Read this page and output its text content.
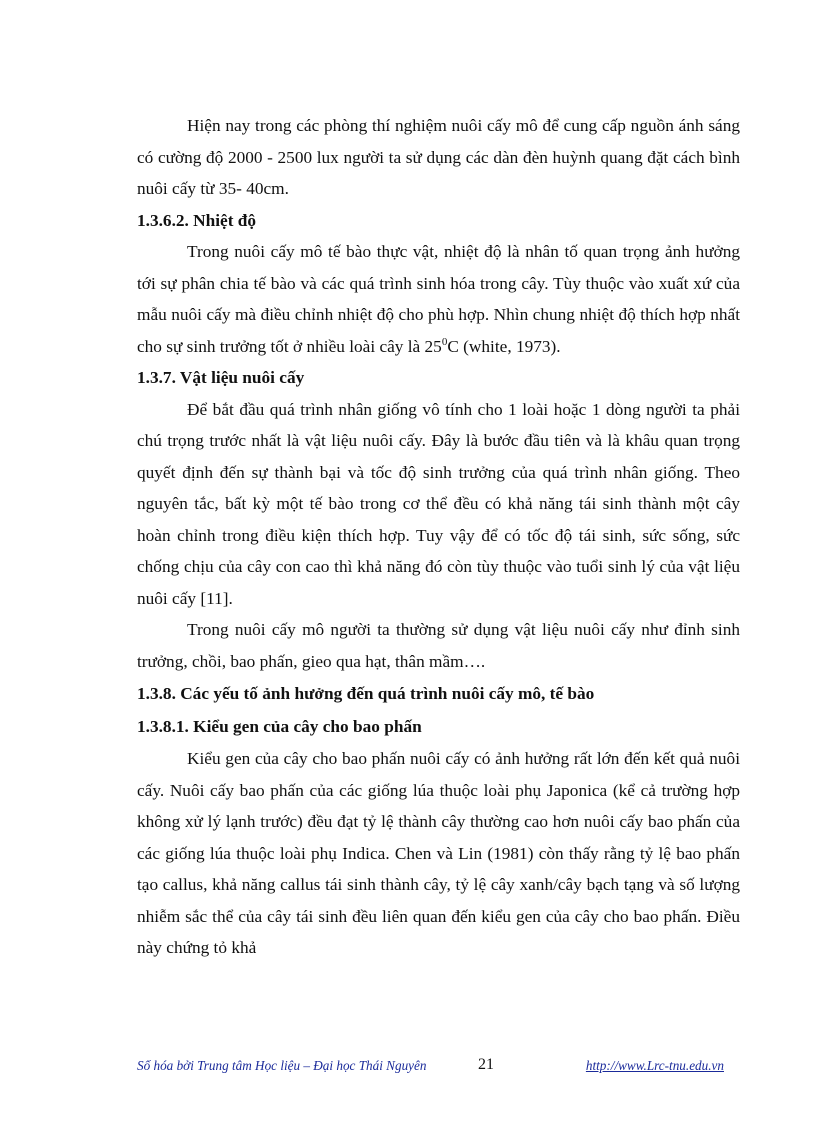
Hiện nay trong các phòng thí nghiệm nuôi cấy mô để cung cấp nguồn ánh sáng có cường độ 2000 - 2500 lux người ta sử dụng các dàn đèn huỳnh quang đặt cách bình nuôi cấy từ 35- 40cm.

1.3.6.2. Nhiệt độ

Trong nuôi cấy mô tế bào thực vật, nhiệt độ là nhân tố quan trọng ảnh hưởng tới sự phân chia tế bào và các quá trình sinh hóa trong cây. Tùy thuộc vào xuất xứ của mẫu nuôi cấy mà điều chỉnh nhiệt độ cho phù hợp. Nhìn chung nhiệt độ thích hợp nhất cho sự sinh trưởng tốt ở nhiều loài cây là $25^0C$ (white, 1973).

1.3.7. Vật liệu nuôi cấy

Để bắt đầu quá trình nhân giống vô tính cho 1 loài hoặc 1 dòng người ta phải chú trọng trước nhất là vật liệu nuôi cấy. Đây là bước đầu tiên và là khâu quan trọng quyết định đến sự thành bại và tốc độ sinh trưởng của quá trình nhân giống. Theo nguyên tắc, bất kỳ một tế bào trong cơ thể đều có khả năng tái sinh thành một cây hoàn chỉnh trong điều kiện thích hợp. Tuy vậy để có tốc độ tái sinh, sức sống, sức chống chịu của cây con cao thì khả năng đó còn tùy thuộc vào tuổi sinh lý của vật liệu nuôi cấy [11].

Trong nuôi cấy mô người ta thường sử dụng vật liệu nuôi cấy như đỉnh sinh trưởng, chồi, bao phấn, gieo qua hạt, thân mầm….

1.3.8. Các yếu tố ảnh hưởng đến quá trình nuôi cấy mô, tế bào

1.3.8.1. Kiểu gen của cây cho bao phấn

Kiểu gen của cây cho bao phấn nuôi cấy có ảnh hưởng rất lớn đến kết quả nuôi cấy. Nuôi cấy bao phấn của các giống lúa thuộc loài phụ Japonica (kể cả trường hợp không xử lý lạnh trước) đều đạt tỷ lệ thành cây thường cao hơn nuôi cấy bao phấn của các giống lúa thuộc loài phụ Indica. Chen và Lin (1981) còn thấy rằng tỷ lệ bao phấn tạo callus, khả năng callus tái sinh thành cây, tỷ lệ cây xanh/cây bạch tạng và số lượng nhiễm sắc thể của cây tái sinh đều liên quan đến kiểu gen của cây cho bao phấn. Điều này chứng tỏ khả

Số hóa bởi Trung tâm Học liệu – Đại học Thái Nguyên	21	http://www.Lrc-tnu.edu.vn
